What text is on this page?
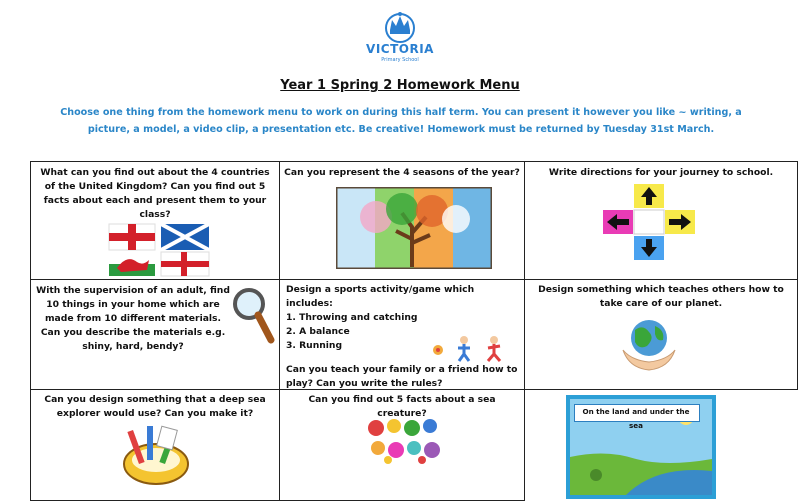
VICTORIA
Primary School
Year 1 Spring 2 Homework Menu
Choose one thing from the homework menu to work on during this half term. You can present it however you like ~ writing, a picture, a model, a video clip, a presentation etc. Be creative! Homework must be returned by Tuesday 31st March.
What can you find out about the 4 countries of the United Kingdom? Can you find out 5 facts about each and present them to your class?
Can you represent the 4 seasons of the year?	Write directions for your journey to school.
With the supervision of an adult, find 10 things in your home which are made from 10 different materials. Can you describe the materials e.g. shiny, hard, bendy?
Design a sports activity/game which includes:
1. Throwing and catching
2. A balance
3. Running
Can you teach your family or a friend how to play? Can you write the rules?
Design something which teaches others how to take care of our planet.
Can you design something that a deep sea explorer would use? Can you make it?
Can you find out 5 facts about a sea creature?	On the land and under the sea
